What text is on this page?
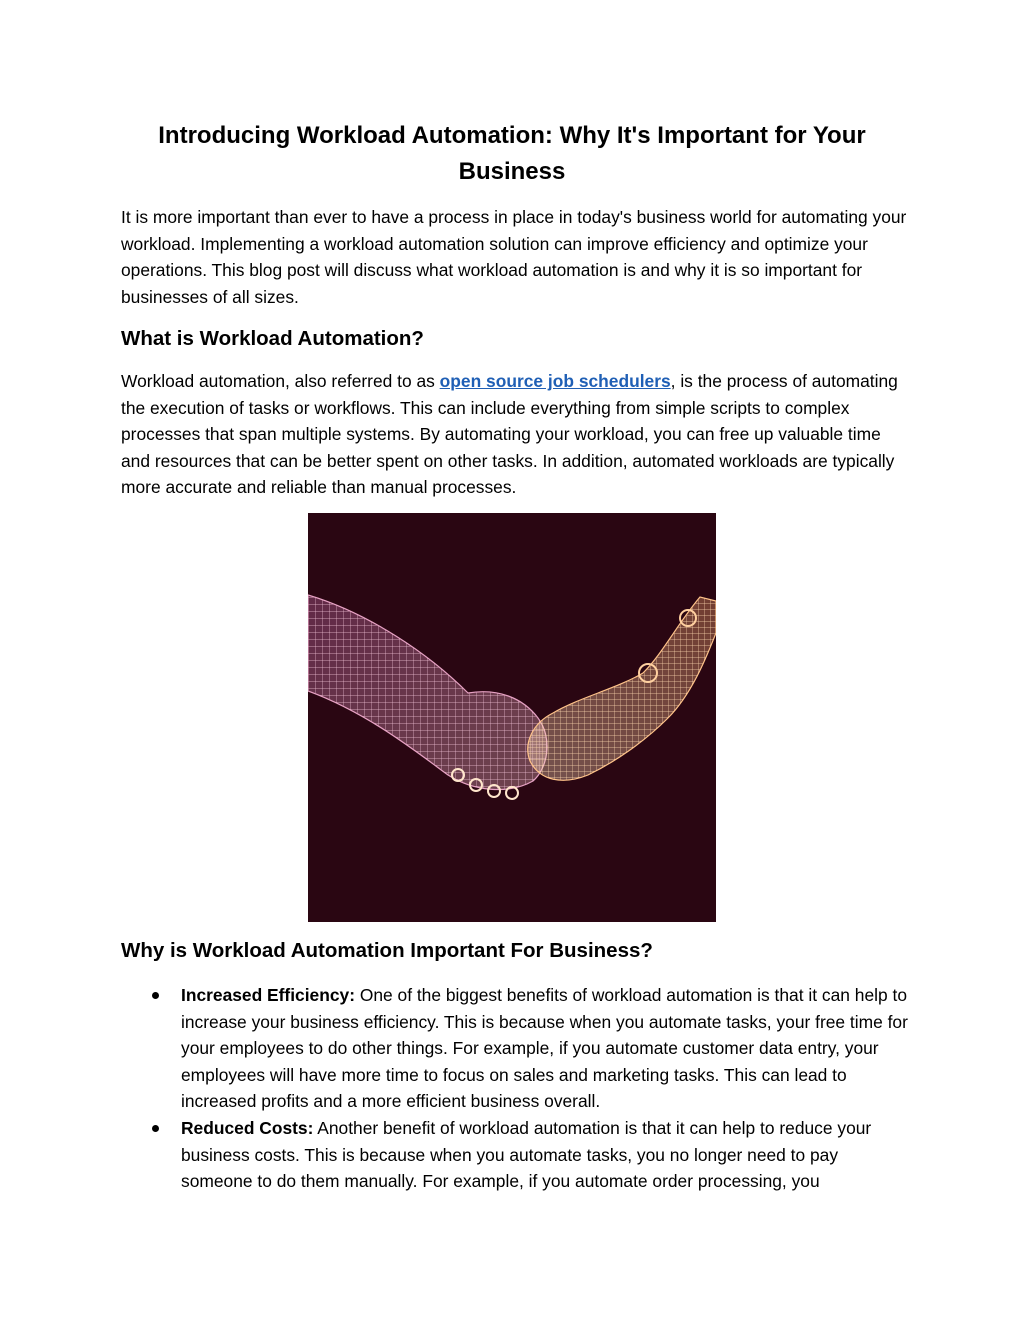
Introducing Workload Automation: Why It's Important for Your Business
It is more important than ever to have a process in place in today's business world for automating your workload. Implementing a workload automation solution can improve efficiency and optimize your operations. This blog post will discuss what workload automation is and why it is so important for businesses of all sizes.
What is Workload Automation?
Workload automation, also referred to as open source job schedulers, is the process of automating the execution of tasks or workflows. This can include everything from simple scripts to complex processes that span multiple systems. By automating your workload, you can free up valuable time and resources that can be better spent on other tasks. In addition, automated workloads are typically more accurate and reliable than manual processes.
Why is Workload Automation Important For Business?
Increased Efficiency: One of the biggest benefits of workload automation is that it can help to increase your business efficiency. This is because when you automate tasks, your free time for your employees to do other things. For example, if you automate customer data entry, your employees will have more time to focus on sales and marketing tasks. This can lead to increased profits and a more efficient business overall.
Reduced Costs: Another benefit of workload automation is that it can help to reduce your business costs. This is because when you automate tasks, you no longer need to pay someone to do them manually. For example, if you automate order processing, you
